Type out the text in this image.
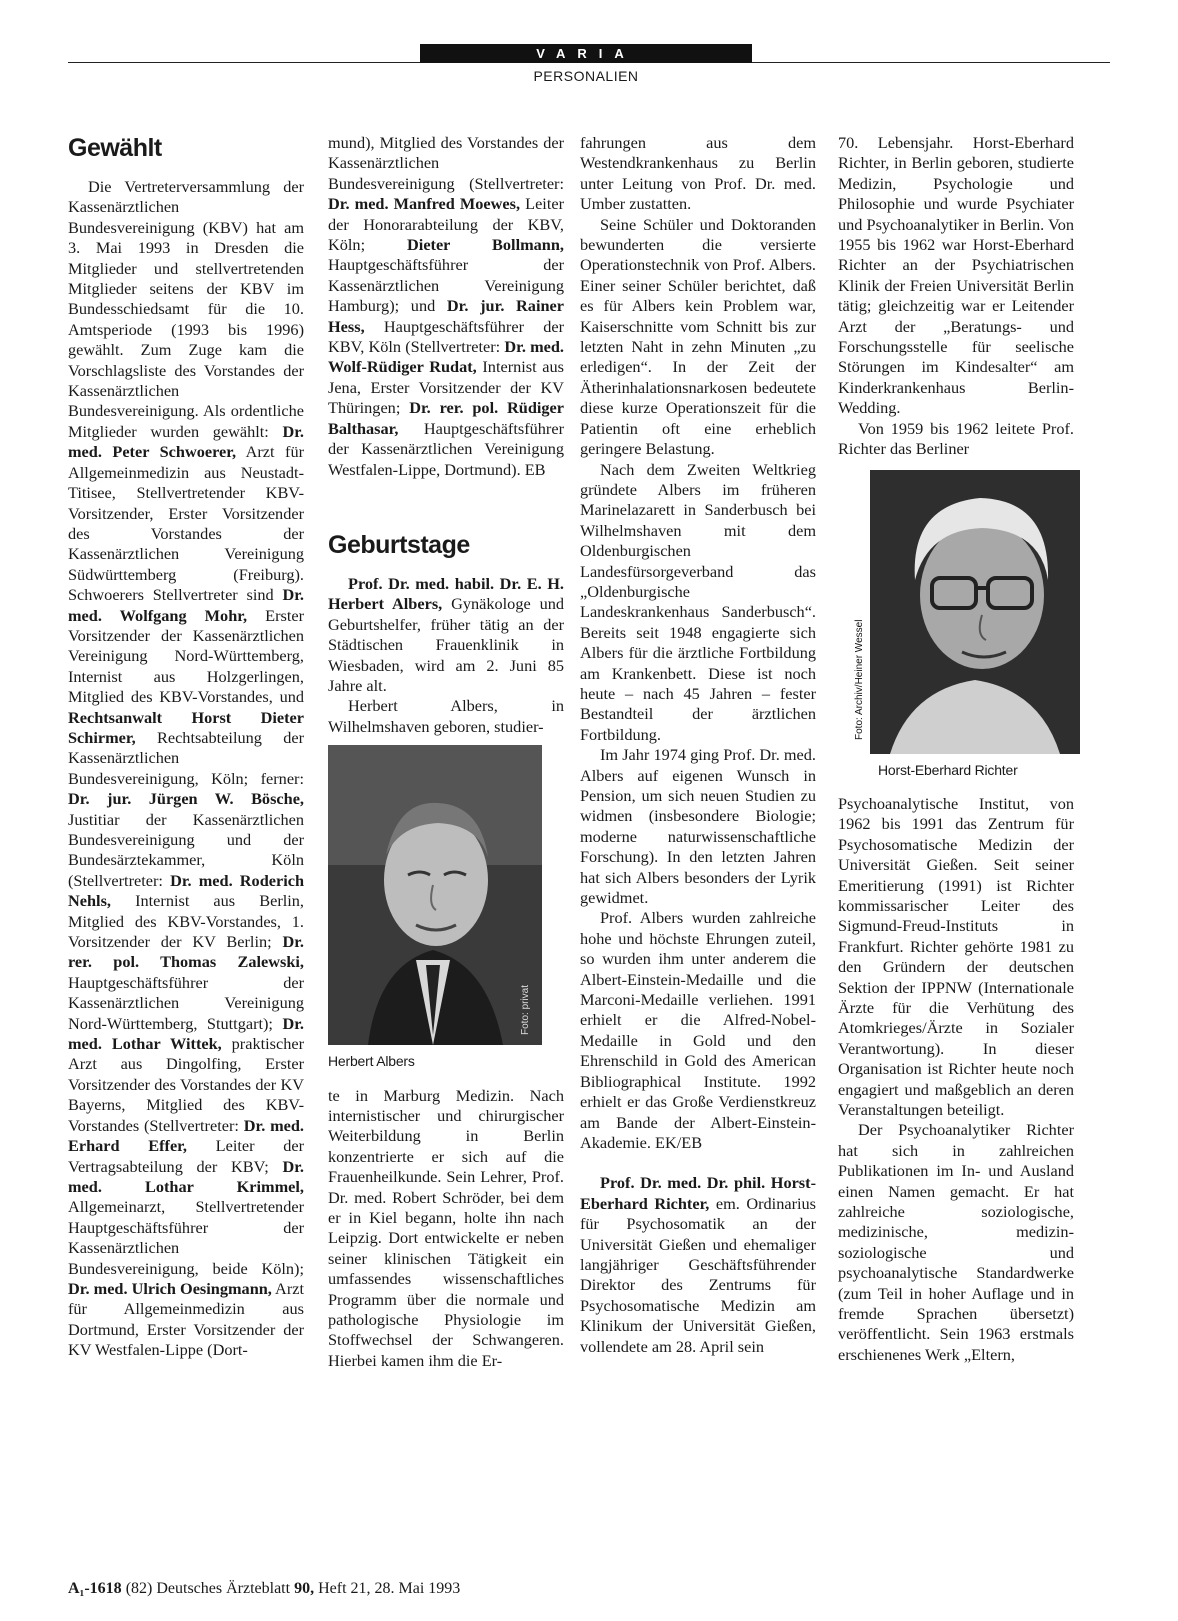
VARIA
PERSONALIEN
Gewählt

Die Vertreterversammlung der Kassenärztlichen Bundesvereinigung (KBV) hat am 3. Mai 1993 in Dresden die Mitglieder und stellvertretenden Mitglieder seitens der KBV im Bundesschiedsamt für die 10. Amtsperiode (1993 bis 1996) gewählt. Zum Zuge kam die Vorschlagsliste des Vorstandes der Kassenärztlichen Bundesvereinigung. Als ordentliche Mitglieder wurden gewählt: Dr. med. Peter Schwoerer, Arzt für Allgemeinmedizin aus Neustadt-Titisee, Stellvertretender KBV-Vorsitzender, Erster Vorsitzender des Vorstandes der Kassenärztlichen Vereinigung Südwürttemberg (Freiburg). Schwoerers Stellvertreter sind Dr. med. Wolfgang Mohr, Erster Vorsitzender der Kassenärztlichen Vereinigung Nord-Württemberg, Internist aus Holzgerlingen, Mitglied des KBV-Vorstandes, und Rechtsanwalt Horst Dieter Schirmer, Rechtsabteilung der Kassenärztlichen Bundesvereinigung, Köln; ferner: Dr. jur. Jürgen W. Bösche, Justitiar der Kassenärztlichen Bundesvereinigung und der Bundesärztekammer, Köln (Stellvertreter: Dr. med. Roderich Nehls, Internist aus Berlin, Mitglied des KBV-Vorstandes, 1. Vorsitzender der KV Berlin; Dr. rer. pol. Thomas Zalewski, Hauptgeschäftsführer der Kassenärztlichen Vereinigung Nord-Württemberg, Stuttgart); Dr. med. Lothar Wittek, praktischer Arzt aus Dingolfing, Erster Vorsitzender des Vorstandes der KV Bayerns, Mitglied des KBV-Vorstandes (Stellvertreter: Dr. med. Erhard Effer, Leiter der Vertragsabteilung der KBV; Dr. med. Lothar Krimmel, Allgemeinarzt, Stellvertretender Hauptgeschäftsführer der Kassenärztlichen Bundesvereinigung, beide Köln); Dr. med. Ulrich Oesingmann, Arzt für Allgemeinmedizin aus Dortmund, Erster Vorsitzender der KV Westfalen-Lippe (Dort-

mund), Mitglied des Vorstandes der Kassenärztlichen Bundesvereinigung (Stellvertreter: Dr. med. Manfred Moewes, Leiter der Honorarabteilung der KBV, Köln; Dieter Bollmann, Hauptgeschäftsführer der Kassenärztlichen Vereinigung Hamburg); und Dr. jur. Rainer Hess, Hauptgeschäftsführer der KBV, Köln (Stellvertreter: Dr. med. Wolf-Rüdiger Rudat, Internist aus Jena, Erster Vorsitzender der KV Thüringen; Dr. rer. pol. Rüdiger Balthasar, Hauptgeschäftsführer der Kassenärztlichen Vereinigung Westfalen-Lippe, Dortmund). EB

Geburtstage

Prof. Dr. med. habil. Dr. E. H. Herbert Albers, Gynäkologe und Geburtshelfer, früher tätig an der Städtischen Frauenklinik in Wiesbaden, wird am 2. Juni 85 Jahre alt.

Herbert Albers, in Wilhelmshaven geboren, studier-

Foto: privat
Herbert Albers

te in Marburg Medizin. Nach internistischer und chirurgischer Weiterbildung in Berlin konzentrierte er sich auf die Frauenheilkunde. Sein Lehrer, Prof. Dr. med. Robert Schröder, bei dem er in Kiel begann, holte ihn nach Leipzig. Dort entwickelte er neben seiner klinischen Tätigkeit ein umfassendes wissenschaftliches Programm über die normale und pathologische Physiologie im Stoffwechsel der Schwangeren. Hierbei kamen ihm die Er-

fahrungen aus dem Westendkrankenhaus zu Berlin unter Leitung von Prof. Dr. med. Umber zustatten.

Seine Schüler und Doktoranden bewunderten die versierte Operationstechnik von Prof. Albers. Einer seiner Schüler berichtet, daß es für Albers kein Problem war, Kaiserschnitte vom Schnitt bis zur letzten Naht in zehn Minuten „zu erledigen“. In der Zeit der Ätherinhalationsnarkosen bedeutete diese kurze Operationszeit für die Patientin oft eine erheblich geringere Belastung.

Nach dem Zweiten Weltkrieg gründete Albers im früheren Marinelazarett in Sanderbusch bei Wilhelmshaven mit dem Oldenburgischen Landesfürsorgeverband das „Oldenburgische Landeskrankenhaus Sanderbusch“. Bereits seit 1948 engagierte sich Albers für die ärztliche Fortbildung am Krankenbett. Diese ist noch heute – nach 45 Jahren – fester Bestandteil der ärztlichen Fortbildung.

Im Jahr 1974 ging Prof. Dr. med. Albers auf eigenen Wunsch in Pension, um sich neuen Studien zu widmen (insbesondere Biologie; moderne naturwissenschaftliche Forschung). In den letzten Jahren hat sich Albers besonders der Lyrik gewidmet.

Prof. Albers wurden zahlreiche hohe und höchste Ehrungen zuteil, so wurden ihm unter anderem die Albert-Einstein-Medaille und die Marconi-Medaille verliehen. 1991 erhielt er die Alfred-Nobel-Medaille in Gold und den Ehrenschild in Gold des American Bibliographical Institute. 1992 erhielt er das Große Verdienstkreuz am Bande der Albert-Einstein-Akademie. EK/EB

Prof. Dr. med. Dr. phil. Horst-Eberhard Richter, em. Ordinarius für Psychosomatik an der Universität Gießen und ehemaliger langjähriger Geschäftsführender Direktor des Zentrums für Psychosomatische Medizin am Klinikum der Universität Gießen, vollendete am 28. April sein

70. Lebensjahr. Horst-Eberhard Richter, in Berlin geboren, studierte Medizin, Psychologie und Philosophie und wurde Psychiater und Psychoanalytiker in Berlin. Von 1955 bis 1962 war Horst-Eberhard Richter an der Psychiatrischen Klinik der Freien Universität Berlin tätig; gleichzeitig war er Leitender Arzt der „Beratungs- und Forschungsstelle für seelische Störungen im Kindesalter“ am Kinderkrankenhaus Berlin-Wedding.

Von 1959 bis 1962 leitete Prof. Richter das Berliner

Foto: Archiv/Heiner Wessel
Horst-Eberhard Richter

Psychoanalytische Institut, von 1962 bis 1991 das Zentrum für Psychosomatische Medizin der Universität Gießen. Seit seiner Emeritierung (1991) ist Richter kommissarischer Leiter des Sigmund-Freud-Instituts in Frankfurt. Richter gehörte 1981 zu den Gründern der deutschen Sektion der IPPNW (Internationale Ärzte für die Verhütung des Atomkrieges/Ärzte in Sozialer Verantwortung). In dieser Organisation ist Richter heute noch engagiert und maßgeblich an deren Veranstaltungen beteiligt.

Der Psychoanalytiker Richter hat sich in zahlreichen Publikationen im In- und Ausland einen Namen gemacht. Er hat zahlreiche soziologische, medizinische, medizin-soziologische und psychoanalytische Standardwerke (zum Teil in hoher Auflage und in fremde Sprachen übersetzt) veröffentlicht. Sein 1963 erstmals erschienenes Werk „Eltern,

A₁-1618 (82) Deutsches Ärzteblatt 90, Heft 21, 28. Mai 1993
